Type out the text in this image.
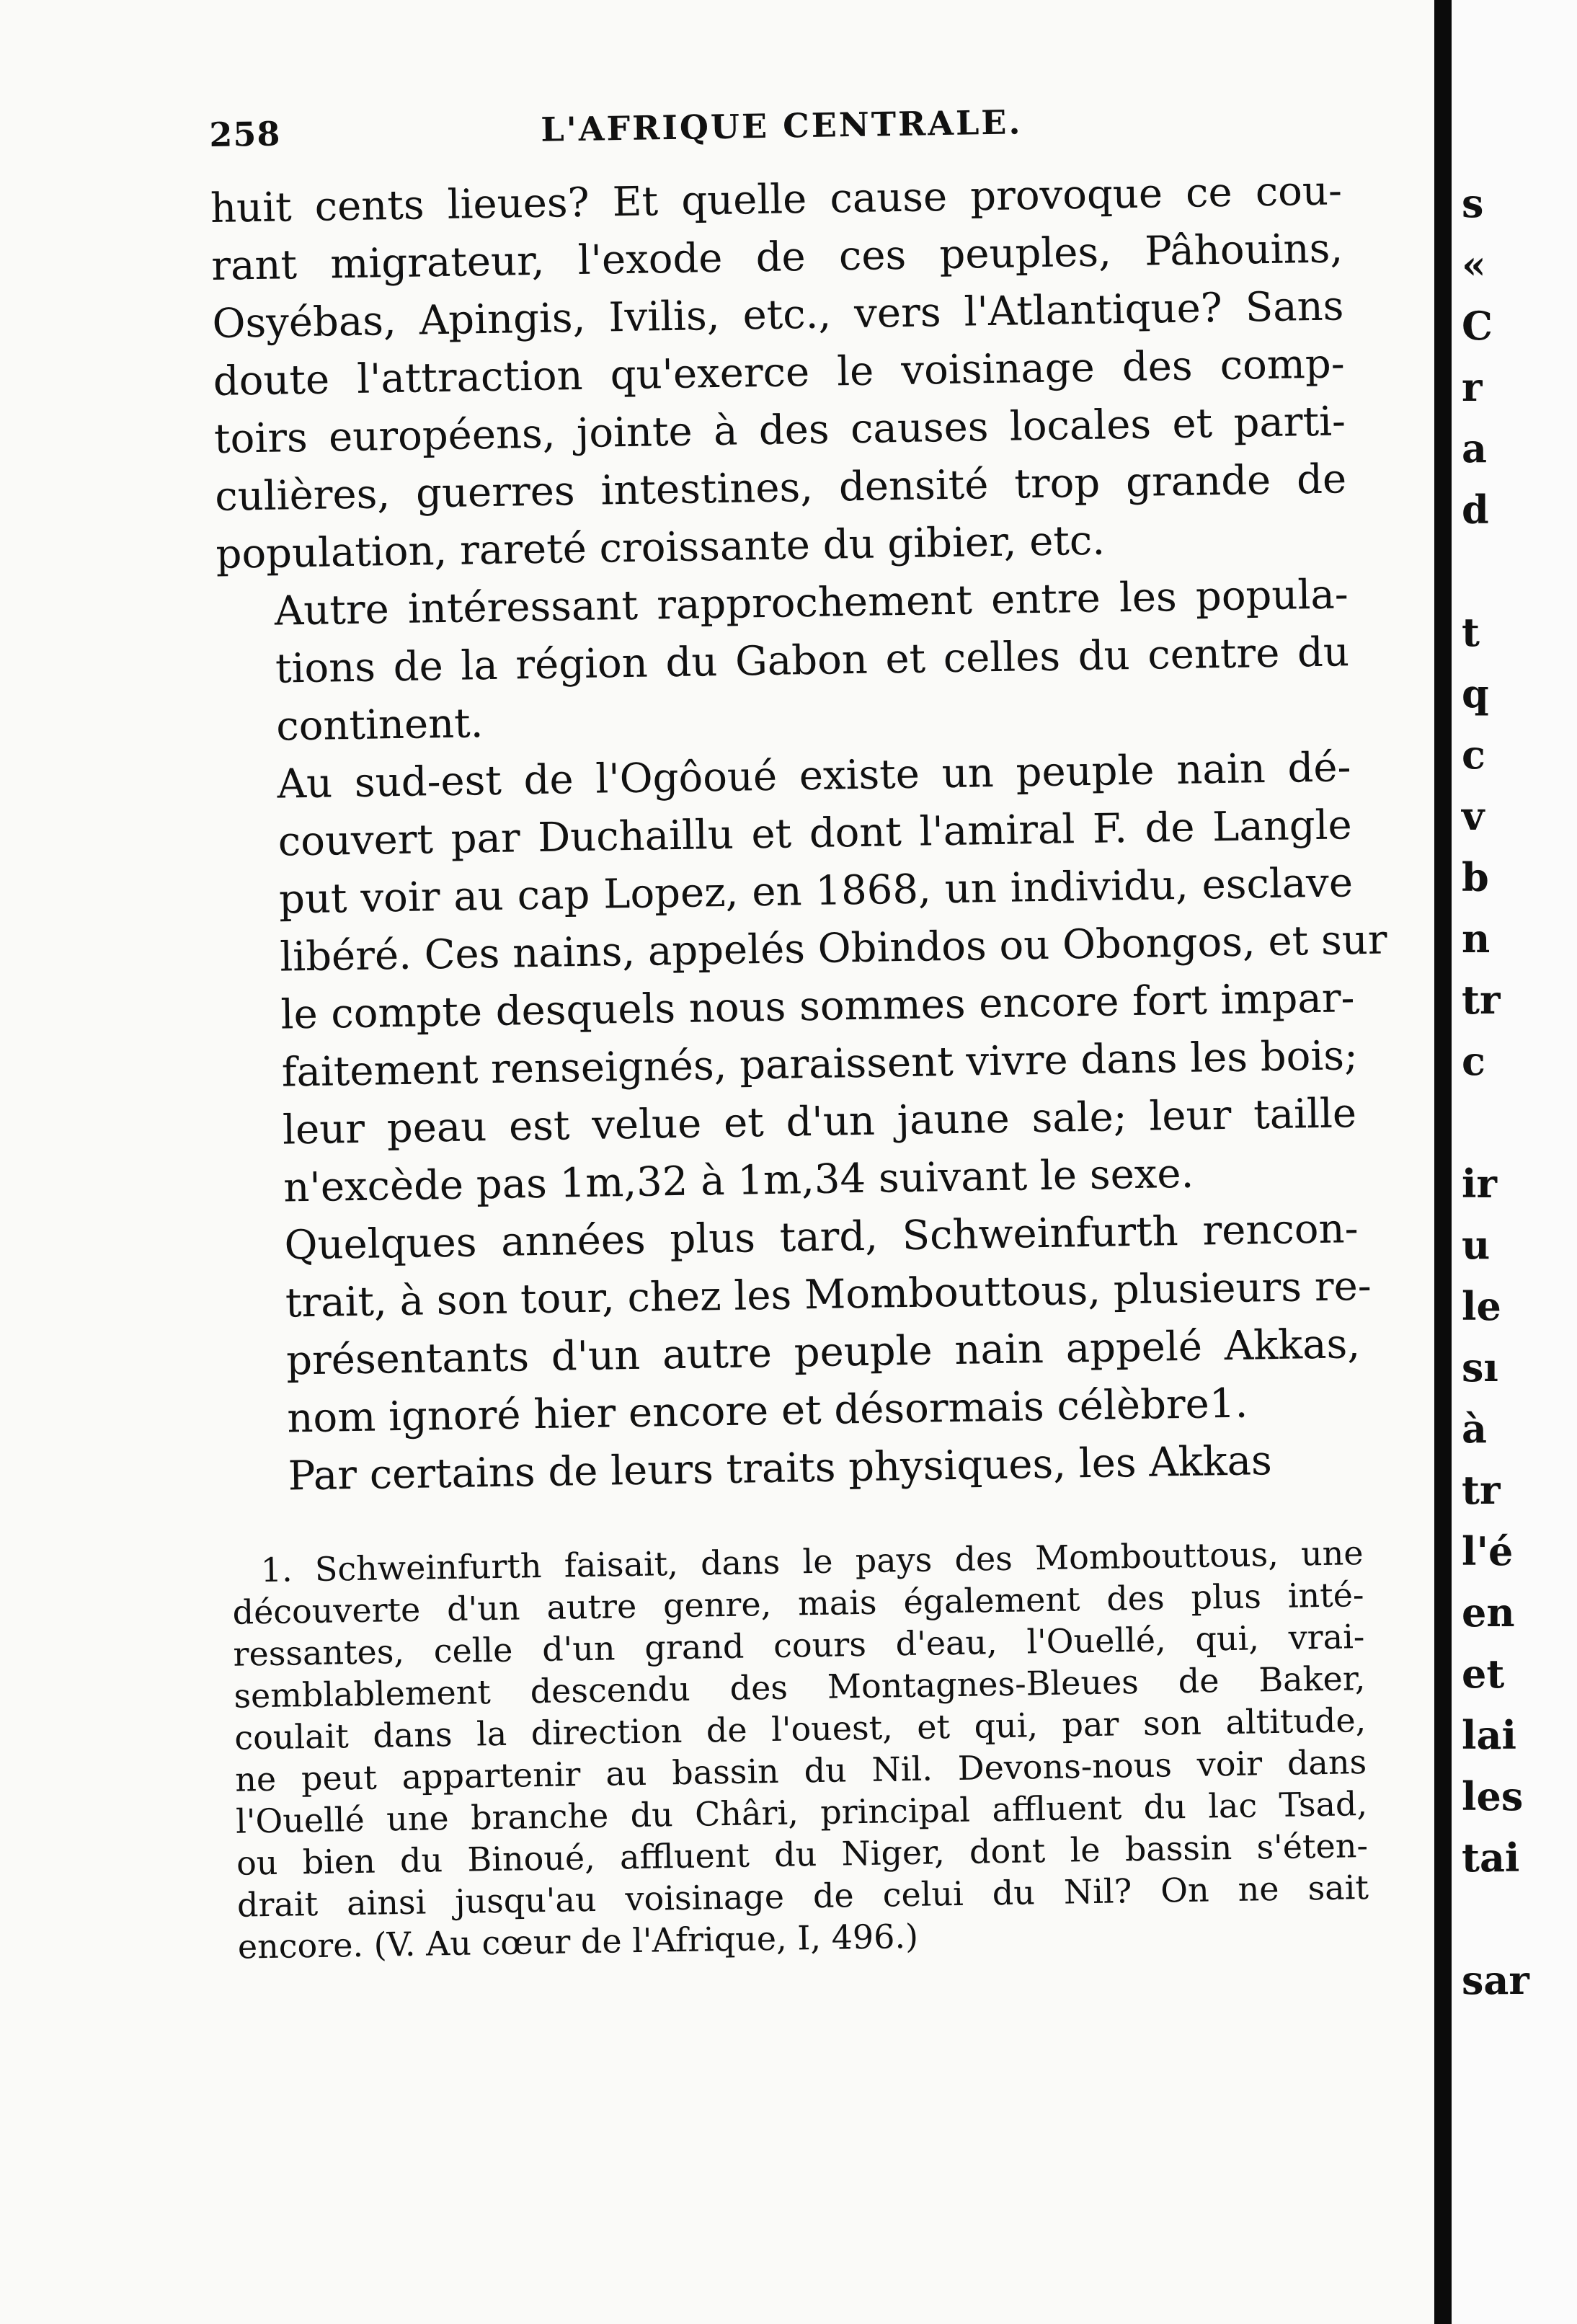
258	L'AFRIQUE CENTRALE.

huit cents lieues? Et quelle cause provoque ce cou-
rant migrateur, l'exode de ces peuples, Pâhouins,
Osyébas, Apingis, Ivilis, etc., vers l'Atlantique? Sans
doute l'attraction qu'exerce le voisinage des comp-
toirs européens, jointe à des causes locales et parti-
culières, guerres intestines, densité trop grande de
population, rareté croissante du gibier, etc.

Autre intéressant rapprochement entre les popula-
tions de la région du Gabon et celles du centre du
continent.

Au sud-est de l'Ogôoué existe un peuple nain dé-
couvert par Duchaillu et dont l'amiral F. de Langle
put voir au cap Lopez, en 1868, un individu, esclave
libéré. Ces nains, appelés Obindos ou Obongos, et sur
le compte desquels nous sommes encore fort impar-
faitement renseignés, paraissent vivre dans les bois;
leur peau est velue et d'un jaune sale; leur taille
n'excède pas 1m,32 à 1m,34 suivant le sexe.

Quelques années plus tard, Schweinfurth rencon-
trait, à son tour, chez les Mombouttous, plusieurs re-
présentants d'un autre peuple nain appelé Akkas,
nom ignoré hier encore et désormais célèbre1.

Par certains de leurs traits physiques, les Akkas

1. Schweinfurth faisait, dans le pays des Mombouttous, une
découverte d'un autre genre, mais également des plus inté-
ressantes, celle d'un grand cours d'eau, l'Ouellé, qui, vrai-
semblablement descendu des Montagnes-Bleues de Baker,
coulait dans la direction de l'ouest, et qui, par son altitude,
ne peut appartenir au bassin du Nil. Devons-nous voir dans
l'Ouellé une branche du Châri, principal affluent du lac Tsad,
ou bien du Binoué, affluent du Niger, dont le bassin s'éten-
drait ainsi jusqu'au voisinage de celui du Nil? On ne sait
encore. (V. Au cœur de l'Afrique, I, 496.)
s
«
C
r
a
d
t
q
c
v
b
n
tr
c
ir
u
le
sı
à
tr
l'é
en
et
lai
les
tai
sar
